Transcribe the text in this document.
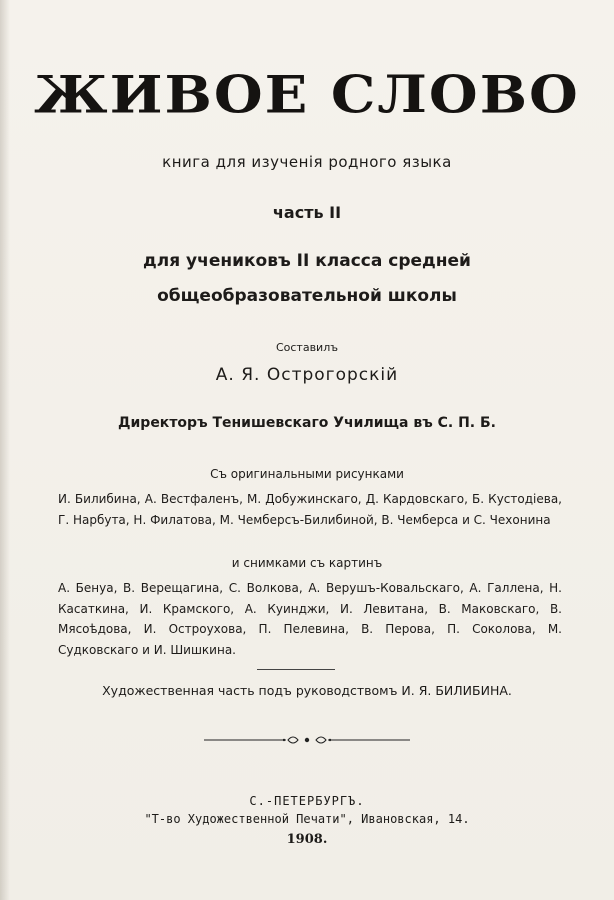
ЖИВОЕ СЛОВО
книга для изученія родного языка
часть II
для учениковъ II класса средней
общеобразовательной школы
Составилъ
А. Я. Острогорскій
Директоръ Тенишевскаго Училища въ С. П. Б.
Съ оригинальными рисунками
И. Билибина, А. Вестфаленъ, М. Добужинскаго, Д. Кардовскаго, Б. Кустодіева, Г. Нарбута, Н. Филатова, М. Чемберсъ-Билибиной, В. Чемберса и С. Чехонина
и снимками съ картинъ
А. Бенуа, В. Верещагина, С. Волкова, А. Верушъ-Ковальскаго, А. Галлена, Н. Касаткина, И. Крамского, А. Куинджи, И. Левитана, В. Маковскаго, В. Мясоѣдова, И. Остроухова, П. Пелевина, В. Перова, П. Соколова, М. Судковскаго и И. Шишкина.
Художественная часть подъ руководствомъ И. Я. БИЛИБИНА.
С.-ПЕТЕРБУРГЪ.
"Т-во Художественной Печати", Ивановская, 14.
1908.
